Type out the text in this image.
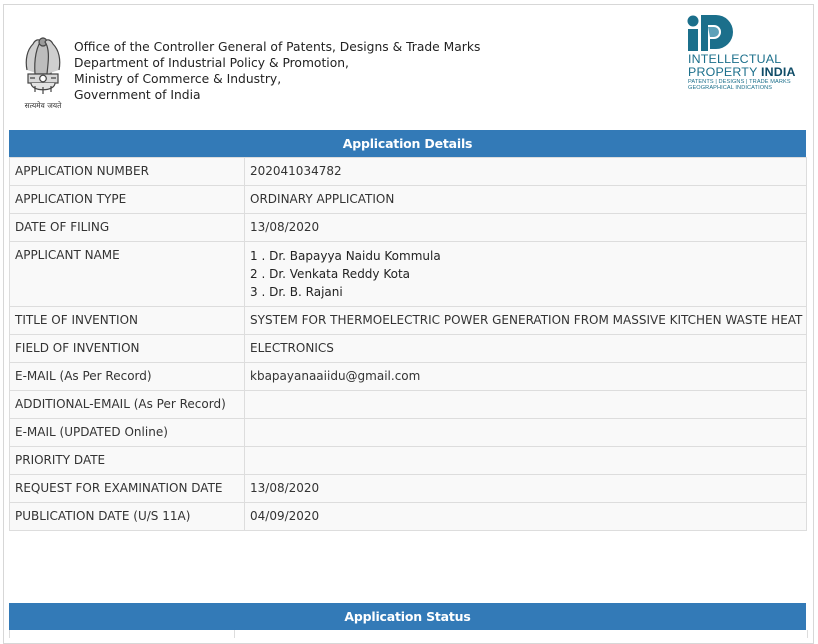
सत्यमेव जयते
Office of the Controller General of Patents, Designs & Trade Marks
Department of Industrial Policy & Promotion,
Ministry of Commerce & Industry,
Government of India
INTELLECTUAL
PROPERTY INDIA
PATENTS | DESIGNS | TRADE MARKS
GEOGRAPHICAL INDICATIONS
Application Details
APPLICATION NUMBER	202041034782
APPLICATION TYPE	ORDINARY APPLICATION
DATE OF FILING	13/08/2020
APPLICANT NAME	1 . Dr. Bapayya Naidu Kommula
2 . Dr. Venkata Reddy Kota
3 . Dr. B. Rajani

TITLE OF INVENTION	SYSTEM FOR THERMOELECTRIC POWER GENERATION FROM MASSIVE KITCHEN WASTE HEAT
FIELD OF INVENTION	ELECTRONICS
E-MAIL (As Per Record)	kbapayanaaiidu@gmail.com
ADDITIONAL-EMAIL (As Per Record)	
E-MAIL (UPDATED Online)	
PRIORITY DATE	
REQUEST FOR EXAMINATION DATE	13/08/2020
PUBLICATION DATE (U/S 11A)	04/09/2020
Application Status
